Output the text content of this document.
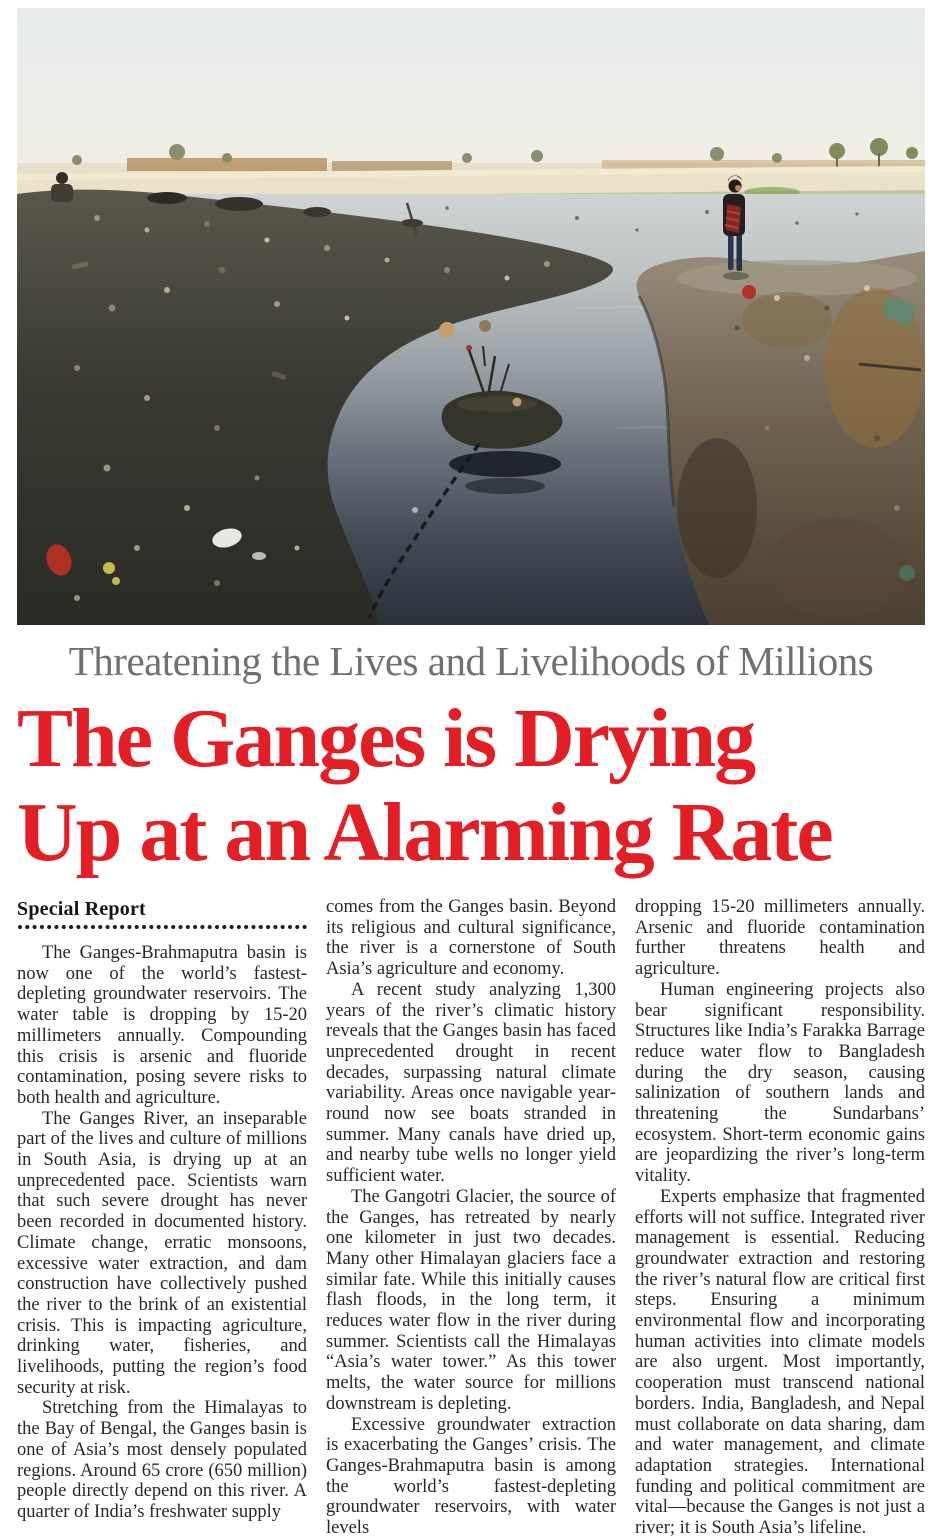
Threatening the Lives and Livelihoods of Millions
The Ganges is Drying
Up at an Alarming Rate

Special Report

The Ganges-Brahmaputra basin is now one of the world’s fastest-depleting groundwater reservoirs. The water table is dropping by 15-20 millimeters annually. Compounding this crisis is arsenic and fluoride contamination, posing severe risks to both health and agriculture.

The Ganges River, an inseparable part of the lives and culture of millions in South Asia, is drying up at an unprecedented pace. Scientists warn that such severe drought has never been recorded in documented history. Climate change, erratic monsoons, excessive water extraction, and dam construction have collectively pushed the river to the brink of an existential crisis. This is impacting agriculture, drinking water, fisheries, and livelihoods, putting the region’s food security at risk.

Stretching from the Himalayas to the Bay of Bengal, the Ganges basin is one of Asia’s most densely populated regions. Around 65 crore (650 million) people directly depend on this river. A quarter of India’s freshwater supply

comes from the Ganges basin. Beyond its religious and cultural significance, the river is a cornerstone of South Asia’s agriculture and economy.

A recent study analyzing 1,300 years of the river’s climatic history reveals that the Ganges basin has faced unprecedented drought in recent decades, surpassing natural climate variability. Areas once navigable year-round now see boats stranded in summer. Many canals have dried up, and nearby tube wells no longer yield sufficient water.

The Gangotri Glacier, the source of the Ganges, has retreated by nearly one kilometer in just two decades. Many other Himalayan glaciers face a similar fate. While this initially causes flash floods, in the long term, it reduces water flow in the river during summer. Scientists call the Himalayas “Asia’s water tower.” As this tower melts, the water source for millions downstream is depleting.

Excessive groundwater extraction is exacerbating the Ganges’ crisis. The Ganges-Brahmaputra basin is among the world’s fastest-depleting groundwater reservoirs, with water levels

dropping 15-20 millimeters annually. Arsenic and fluoride contamination further threatens health and agriculture.

Human engineering projects also bear significant responsibility. Structures like India’s Farakka Barrage reduce water flow to Bangladesh during the dry season, causing salinization of southern lands and threatening the Sundarbans’ ecosystem. Short-term economic gains are jeopardizing the river’s long-term vitality.

Experts emphasize that fragmented efforts will not suffice. Integrated river management is essential. Reducing groundwater extraction and restoring the river’s natural flow are critical first steps. Ensuring a minimum environmental flow and incorporating human activities into climate models are also urgent. Most importantly, cooperation must transcend national borders. India, Bangladesh, and Nepal must collaborate on data sharing, dam and water management, and climate adaptation strategies. International funding and political commitment are vital—because the Ganges is not just a river; it is South Asia’s lifeline.
